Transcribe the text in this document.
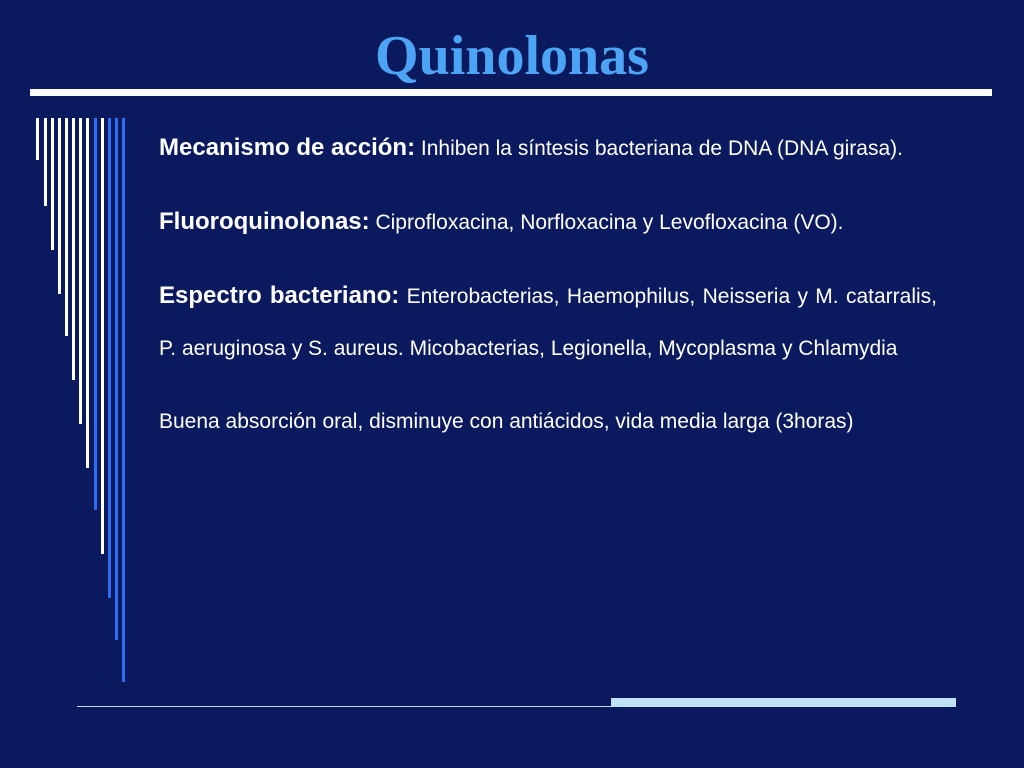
Quinolonas

Mecanismo de acción: Inhiben la síntesis bacteriana de DNA (DNA girasa).

Fluoroquinolonas: Ciprofloxacina, Norfloxacina y Levofloxacina (VO).

Espectro bacteriano: Enterobacterias, Haemophilus, Neisseria y M. catarralis, P. aeruginosa y S. aureus. Micobacterias, Legionella, Mycoplasma y Chlamydia

Buena absorción oral, disminuye con antiácidos, vida media larga (3horas)
